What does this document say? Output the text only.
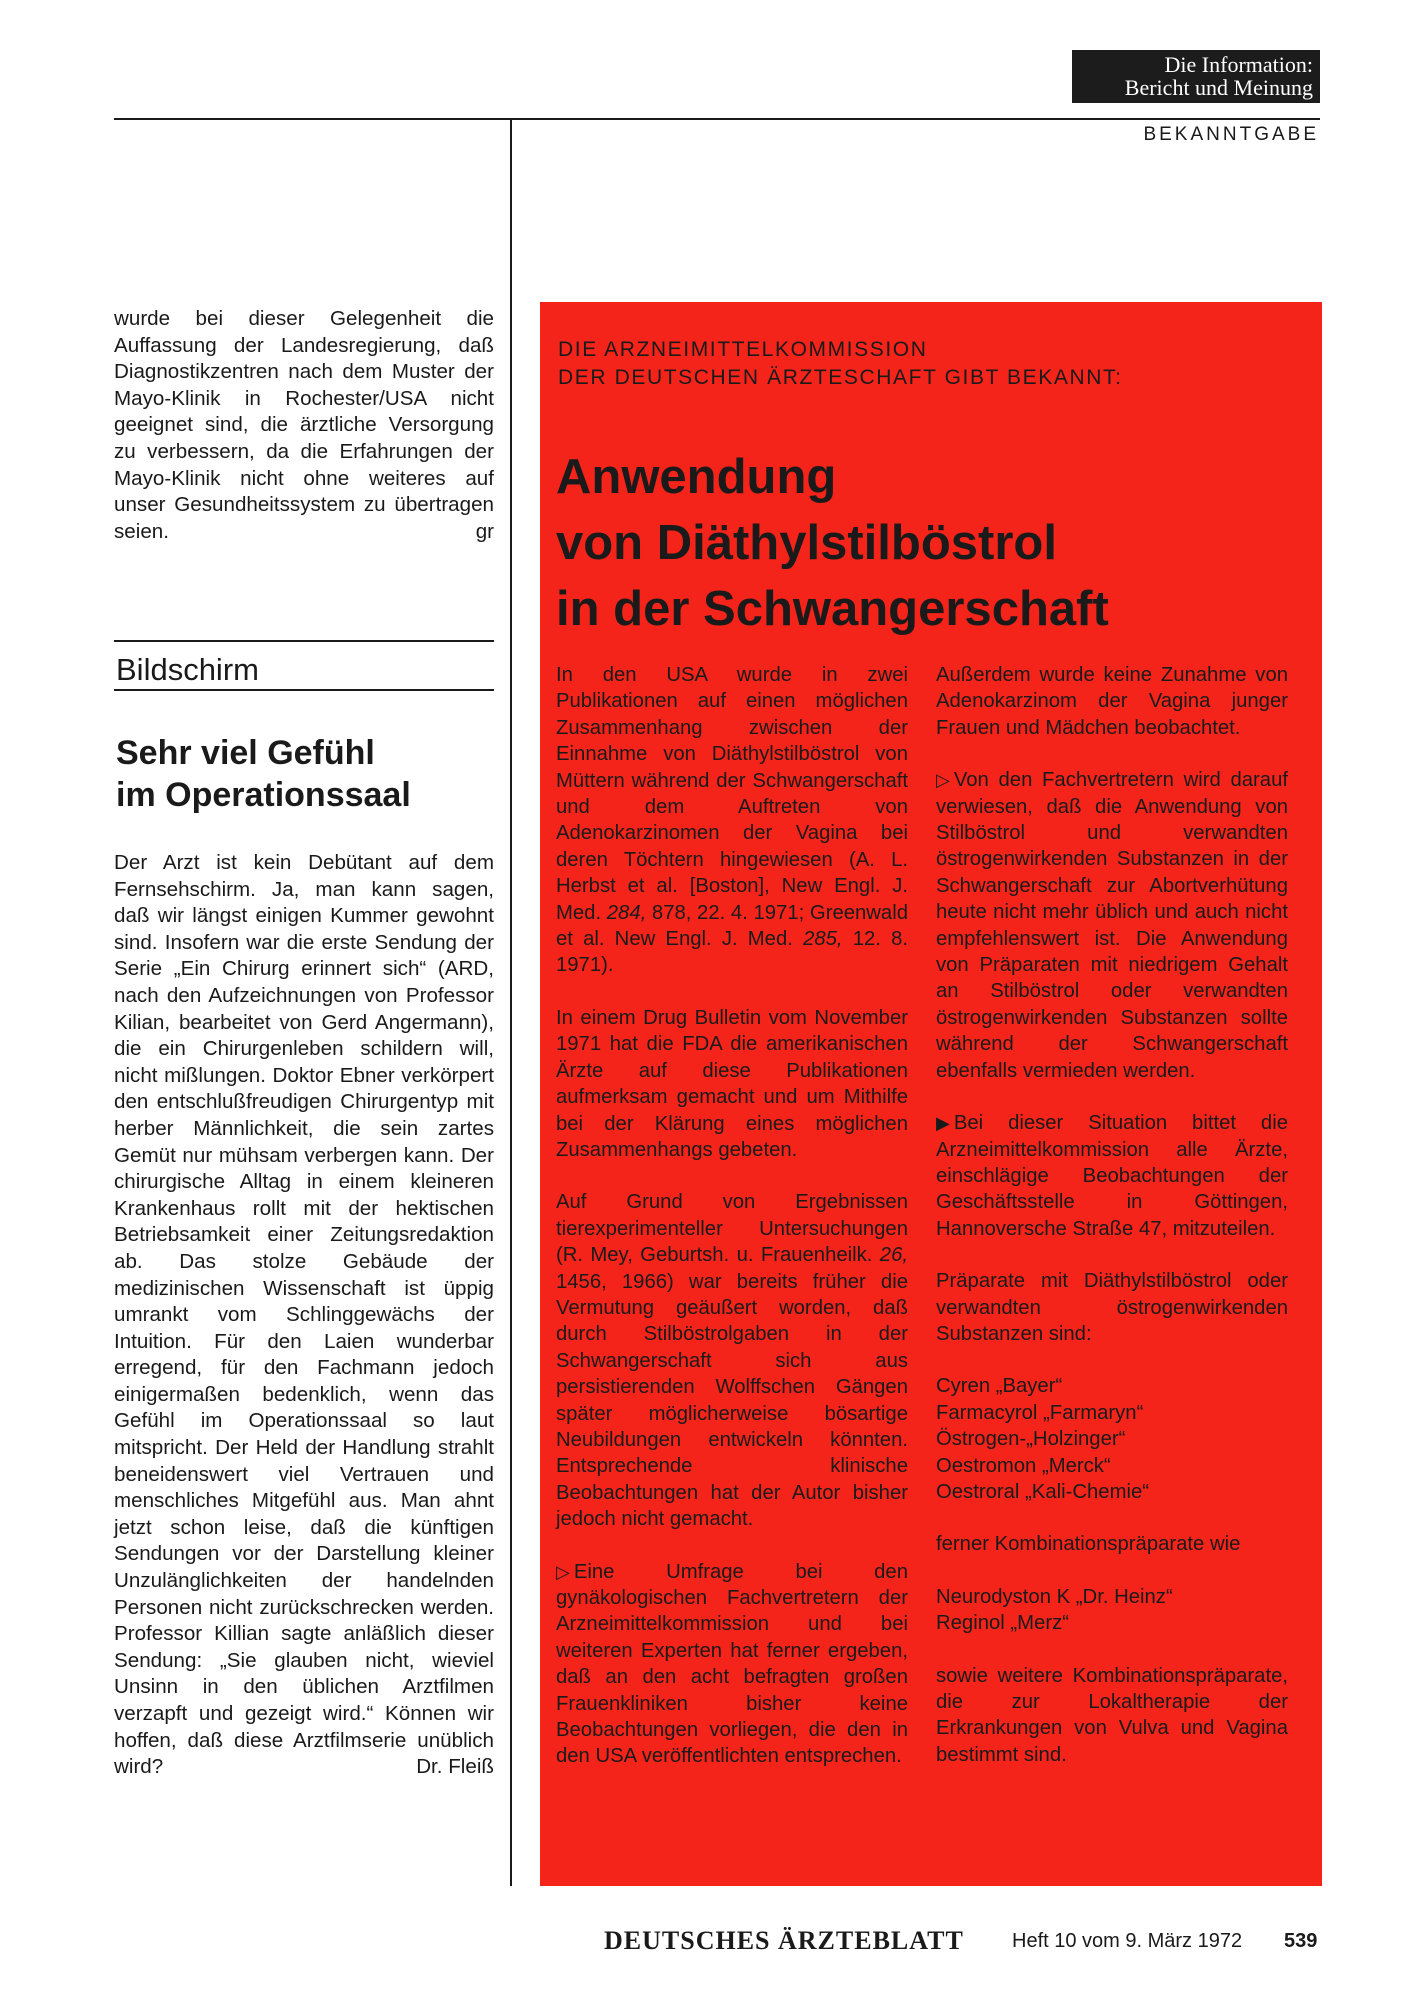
Die Information:
Bericht und Meinung
BEKANNTGABE
wurde bei dieser Gelegenheit die Auffassung der Landesregierung, daß Diagnostikzentren nach dem Muster der Mayo-Klinik in Rochester/USA nicht geeignet sind, die ärztliche Versorgung zu verbessern, da die Erfahrungen der Mayo-Klinik nicht ohne weiteres auf unser Gesundheitssystem zu übertragen seien.	gr
Bildschirm
Sehr viel Gefühl
im Operationssaal
Der Arzt ist kein Debütant auf dem Fernsehschirm. Ja, man kann sagen, daß wir längst einigen Kummer gewohnt sind. Insofern war die erste Sendung der Serie „Ein Chirurg erinnert sich“ (ARD, nach den Aufzeichnungen von Professor Kilian, bearbeitet von Gerd Angermann), die ein Chirurgenleben schildern will, nicht mißlungen. Doktor Ebner verkörpert den entschlußfreudigen Chirurgentyp mit herber Männlichkeit, die sein zartes Gemüt nur mühsam verbergen kann. Der chirurgische Alltag in einem kleineren Krankenhaus rollt mit der hektischen Betriebsamkeit einer Zeitungsredaktion ab. Das stolze Gebäude der medizinischen Wissenschaft ist üppig umrankt vom Schlinggewächs der Intuition. Für den Laien wunderbar erregend, für den Fachmann jedoch einigermaßen bedenklich, wenn das Gefühl im Operationssaal so laut mitspricht. Der Held der Handlung strahlt beneidenswert viel Vertrauen und menschliches Mitgefühl aus. Man ahnt jetzt schon leise, daß die künftigen Sendungen vor der Darstellung kleiner Unzulänglichkeiten der handelnden Personen nicht zurückschrecken werden. Professor Killian sagte anläßlich dieser Sendung: „Sie glauben nicht, wieviel Unsinn in den üblichen Arztfilmen verzapft und gezeigt wird.“ Können wir hoffen, daß diese Arztfilmserie unüblich wird?	Dr. Fleiß
DIE ARZNEIMITTELKOMMISSION
DER DEUTSCHEN ÄRZTESCHAFT GIBT BEKANNT:
Anwendung
von Diäthylstilböstrol
in der Schwangerschaft

In den USA wurde in zwei Publikationen auf einen möglichen Zusammenhang zwischen der Einnahme von Diäthylstilböstrol von Müttern während der Schwangerschaft und dem Auftreten von Adenokarzinomen der Vagina bei deren Töchtern hingewiesen (A. L. Herbst et al. [Boston], New Engl. J. Med. 284, 878, 22. 4. 1971; Greenwald et al. New Engl. J. Med. 285, 12. 8. 1971).

In einem Drug Bulletin vom November 1971 hat die FDA die amerikanischen Ärzte auf diese Publikationen aufmerksam gemacht und um Mithilfe bei der Klärung eines möglichen Zusammenhangs gebeten.

Auf Grund von Ergebnissen tierexperimenteller Untersuchungen (R. Mey, Geburtsh. u. Frauenheilk. 26, 1456, 1966) war bereits früher die Vermutung geäußert worden, daß durch Stilböstrolgaben in der Schwangerschaft sich aus persistierenden Wolffschen Gängen später möglicherweise bösartige Neubildungen entwickeln könnten. Entsprechende klinische Beobachtungen hat der Autor bisher jedoch nicht gemacht.

▷ Eine Umfrage bei den gynäkologischen Fachvertretern der Arzneimittelkommission und bei weiteren Experten hat ferner ergeben, daß an den acht befragten großen Frauenkliniken bisher keine Beobachtungen vorliegen, die den in den USA veröffentlichten entsprechen.

Außerdem wurde keine Zunahme von Adenokarzinom der Vagina junger Frauen und Mädchen beobachtet.

▷ Von den Fachvertretern wird darauf verwiesen, daß die Anwendung von Stilböstrol und verwandten östrogenwirkenden Substanzen in der Schwangerschaft zur Abortverhütung heute nicht mehr üblich und auch nicht empfehlenswert ist. Die Anwendung von Präparaten mit niedrigem Gehalt an Stilböstrol oder verwandten östrogenwirkenden Substanzen sollte während der Schwangerschaft ebenfalls vermieden werden.

▶ Bei dieser Situation bittet die Arzneimittelkommission alle Ärzte, einschlägige Beobachtungen der Geschäftsstelle in Göttingen, Hannoversche Straße 47, mitzuteilen.

Präparate mit Diäthylstilböstrol oder verwandten östrogenwirkenden Substanzen sind:

Cyren „Bayer“
Farmacyrol „Farmaryn“
Östrogen-„Holzinger“
Oestromon „Merck“
Oestroral „Kali-Chemie“

ferner Kombinationspräparate wie

Neurodyston K „Dr. Heinz“
Reginol „Merz“

sowie weitere Kombinationspräparate, die zur Lokaltherapie der Erkrankungen von Vulva und Vagina bestimmt sind.

DEUTSCHES ÄRZTEBLATT Heft 10 vom 9. März 1972 539
